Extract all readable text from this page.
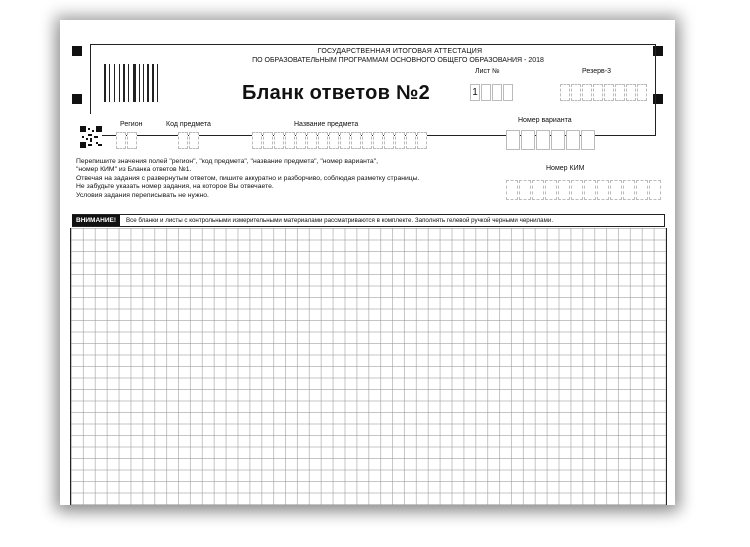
ГОСУДАРСТВЕННАЯ ИТОГОВАЯ АТТЕСТАЦИЯ
ПО ОБРАЗОВАТЕЛЬНЫМ ПРОГРАММАМ ОСНОВНОГО ОБЩЕГО ОБРАЗОВАНИЯ - 2018
Лист №	Резерв-3
Бланк ответов №2	1
Регион	Код предмета	Название предмета
Номер варианта
Номер КИМ
Перепишите значения полей "регион", "код предмета", "название предмета", "номер варианта",
"номер КИМ" из Бланка ответов №1.
Отвечая на задания с развернутым ответом, пишите аккуратно и разборчиво, соблюдая разметку страницы.
Не забудьте указать номер задания, на которое Вы отвечаете.
Условия задания переписывать не нужно.
ВНИМАНИЕ!	Все бланки и листы с контрольными измерительными материалами рассматриваются в комплекте. Заполнять гелевой ручкой черными чернилами.
